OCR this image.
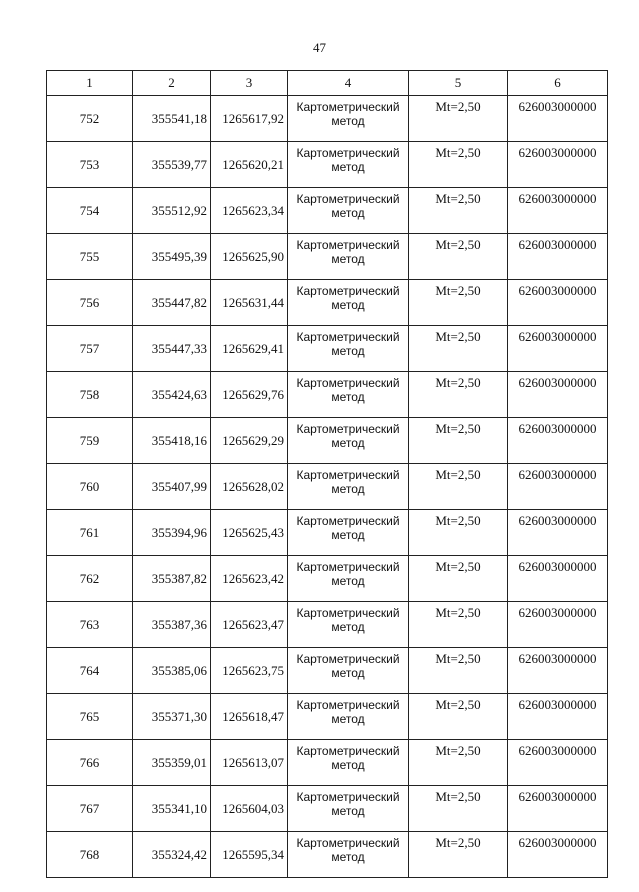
47
1	2	3	4	5	6
752	355541,18	1265617,92	Картометрический метод	Mt=2,50	626003000000
753	355539,77	1265620,21	Картометрический метод	Mt=2,50	626003000000
754	355512,92	1265623,34	Картометрический метод	Mt=2,50	626003000000
755	355495,39	1265625,90	Картометрический метод	Mt=2,50	626003000000
756	355447,82	1265631,44	Картометрический метод	Mt=2,50	626003000000
757	355447,33	1265629,41	Картометрический метод	Mt=2,50	626003000000
758	355424,63	1265629,76	Картометрический метод	Mt=2,50	626003000000
759	355418,16	1265629,29	Картометрический метод	Mt=2,50	626003000000
760	355407,99	1265628,02	Картометрический метод	Mt=2,50	626003000000
761	355394,96	1265625,43	Картометрический метод	Mt=2,50	626003000000
762	355387,82	1265623,42	Картометрический метод	Mt=2,50	626003000000
763	355387,36	1265623,47	Картометрический метод	Mt=2,50	626003000000
764	355385,06	1265623,75	Картометрический метод	Mt=2,50	626003000000
765	355371,30	1265618,47	Картометрический метод	Mt=2,50	626003000000
766	355359,01	1265613,07	Картометрический метод	Mt=2,50	626003000000
767	355341,10	1265604,03	Картометрический метод	Mt=2,50	626003000000
768	355324,42	1265595,34	Картометрический метод	Mt=2,50	626003000000
